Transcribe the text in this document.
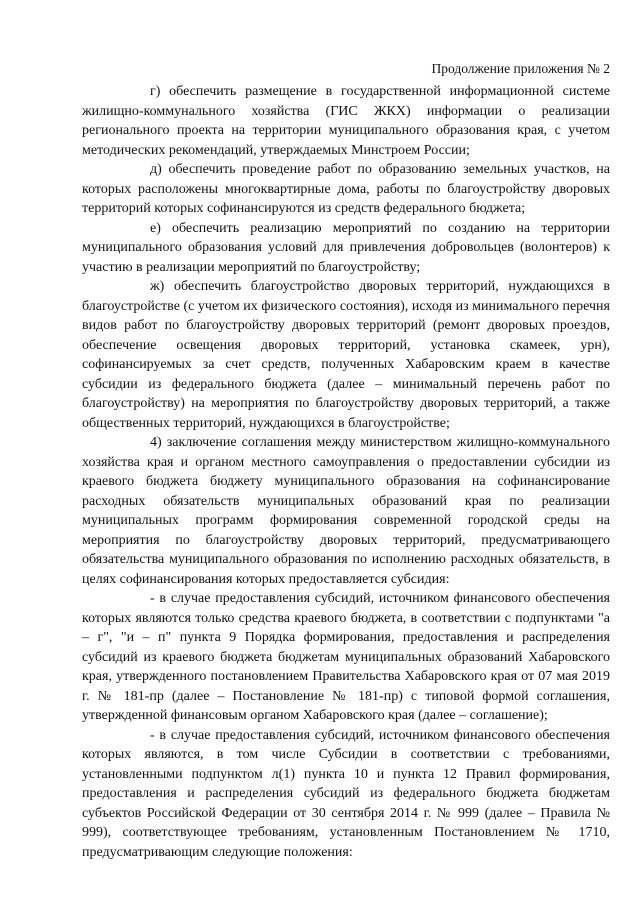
Продолжение приложения № 2

г) обеспечить размещение в государственной информационной системе жилищно-коммунального хозяйства (ГИС ЖКХ) информации о реализации регионального проекта на территории муниципального образования края, с учетом методических рекомендаций, утверждаемых Минстроем России;

д) обеспечить проведение работ по образованию земельных участков, на которых расположены многоквартирные дома, работы по благоустройству дворовых территорий которых софинансируются из средств федерального бюджета;

е) обеспечить реализацию мероприятий по созданию на территории муниципального образования условий для привлечения добровольцев (волонтеров) к участию в реализации мероприятий по благоустройству;

ж) обеспечить благоустройство дворовых территорий, нуждающихся в благоустройстве (с учетом их физического состояния), исходя из минимального перечня видов работ по благоустройству дворовых территорий (ремонт дворовых проездов, обеспечение освещения дворовых территорий, установка скамеек, урн), софинансируемых за счет средств, полученных Хабаровским краем в качестве субсидии из федерального бюджета (далее – минимальный перечень работ по благоустройству) на мероприятия по благоустройству дворовых территорий, а также общественных территорий, нуждающихся в благоустройстве;

4) заключение соглашения между министерством жилищно-коммунального хозяйства края и органом местного самоуправления о предоставлении субсидии из краевого бюджета бюджету муниципального образования на софинансирование расходных обязательств муниципальных образований края по реализации муниципальных программ формирования современной городской среды на мероприятия по благоустройству дворовых территорий, предусматривающего обязательства муниципального образования по исполнению расходных обязательств, в целях софинансирования которых предоставляется субсидия:

- в случае предоставления субсидий, источником финансового обеспечения которых являются только средства краевого бюджета, в соответствии с подпунктами "а – г", "и – п" пункта 9 Порядка формирования, предоставления и распределения субсидий из краевого бюджета бюджетам муниципальных образований Хабаровского края, утвержденного постановлением Правительства Хабаровского края от 07 мая 2019 г. № 181-пр (далее – Постановление № 181-пр) с типовой формой соглашения, утвержденной финансовым органом Хабаровского края (далее – соглашение);

- в случае предоставления субсидий, источником финансового обеспечения которых являются, в том числе Субсидии в соответствии с требованиями, установленными подпунктом л(1) пункта 10 и пункта 12 Правил формирования, предоставления и распределения субсидий из федерального бюджета бюджетам субъектов Российской Федерации от 30 сентября 2014 г. № 999 (далее – Правила № 999), соответствующее требованиям, установленным Постановлением № 1710, предусматривающим следующие положения:
